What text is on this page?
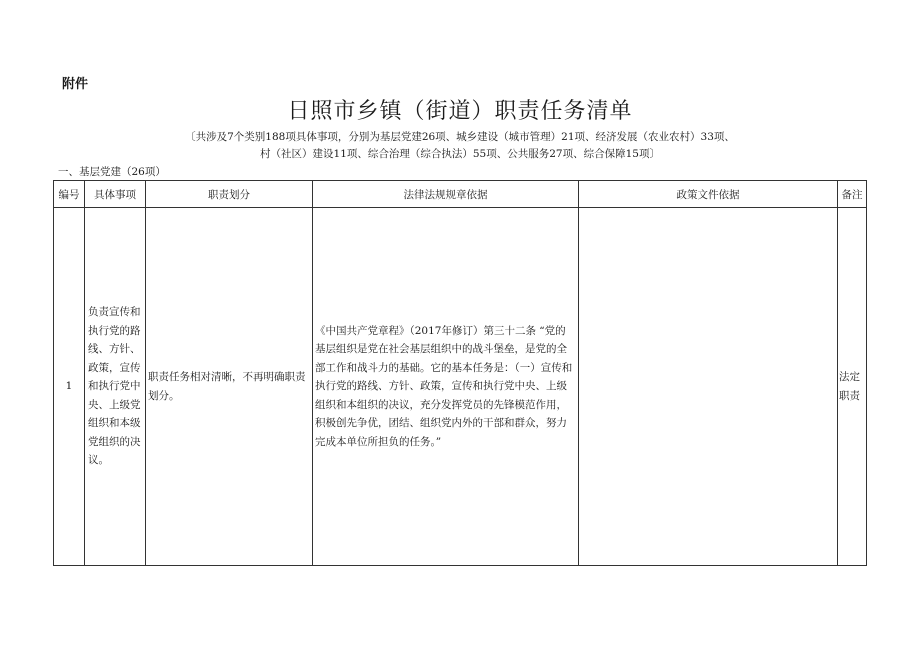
附件
日照市乡镇（街道）职责任务清单
〔共涉及7个类别188项具体事项，分别为基层党建26项、城乡建设（城市管理）21项、经济发展（农业农村）33项、
村（社区）建设11项、综合治理（综合执法）55项、公共服务27项、综合保障15项〕
一、基层党建（26项）
编号	具体事项	职责划分	法律法规规章依据	政策文件依据	备注
1	负责宣传和执行党的路线、方针、政策，宣传和执行党中央、上级党组织和本级党组织的决议。	职责任务相对清晰，不再明确职责划分。	《中国共产党章程》（2017年修订）第三十二条 “党的基层组织是党在社会基层组织中的战斗堡垒，是党的全部工作和战斗力的基础。它的基本任务是：（一）宣传和执行党的路线、方针、政策，宣传和执行党中央、上级组织和本组织的决议，充分发挥党员的先锋模范作用，积极创先争优，团结、组织党内外的干部和群众，努力完成本单位所担负的任务。”		法定职责
